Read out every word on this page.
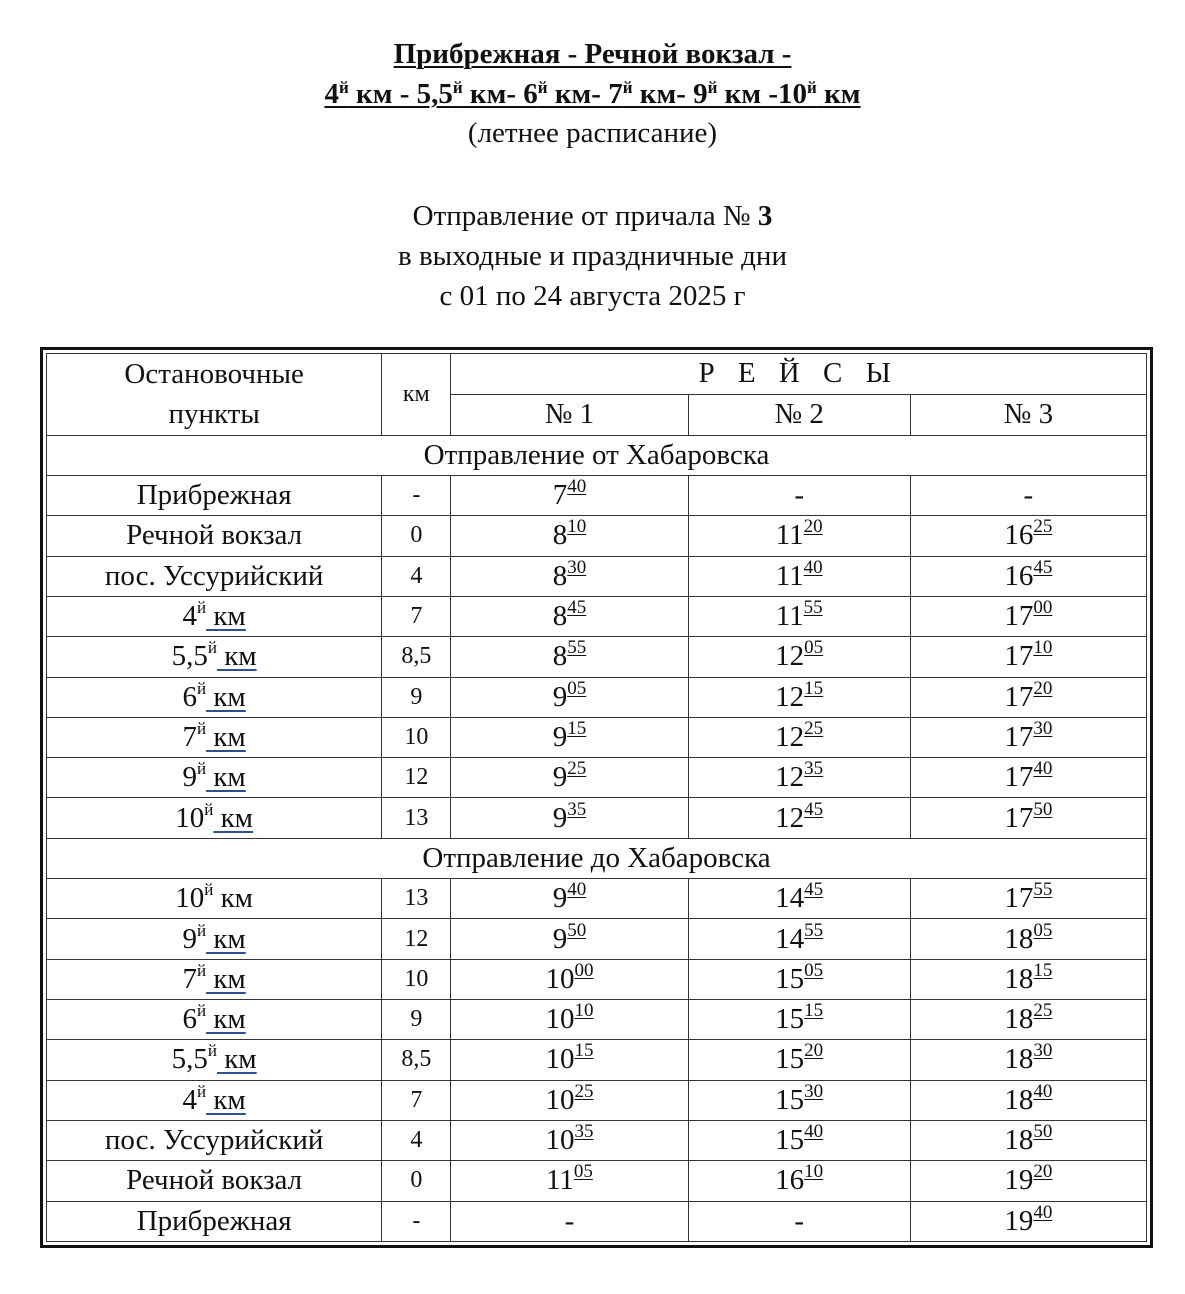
Прибрежная - Речной вокзал -
$4^й$ км - $5,5^й$ км- $6^й$ км- $7^й$ км- $9^й$ км $-10^й$ км
(летнее расписание)
Отправление от причала № 3
в выходные и праздничные дни
с 01 по 24 августа 2025 г
Остановочные пункты	км	Р Е Й С Ы		
		№ 1	№ 2	№ 3
Отправление от Хабаровска				
Прибрежная	-	$7^{40}$	-	-
Речной вокзал	0	$8^{10}$	$11^{20}$	$16^{25}$
пос. Уссурийский	4	$8^{30}$	$11^{40}$	$16^{45}$
$4^й$ км	7	$8^{45}$	$11^{55}$	$17^{00}$
$5,5^й$ км	8,5	$8^{55}$	$12^{05}$	$17^{10}$
$6^й$ км	9	$9^{05}$	$12^{15}$	$17^{20}$
$7^й$ км	10	$9^{15}$	$12^{25}$	$17^{30}$
$9^й$ км	12	$9^{25}$	$12^{35}$	$17^{40}$
$10^й$ км	13	$9^{35}$	$12^{45}$	$17^{50}$
Отправление до Хабаровска				
$10^й$ км	13	$9^{40}$	$14^{45}$	$17^{55}$
$9^й$ км	12	$9^{50}$	$14^{55}$	$18^{05}$
$7^й$ км	10	$10^{00}$	$15^{05}$	$18^{15}$
$6^й$ км	9	$10^{10}$	$15^{15}$	$18^{25}$
$5,5^й$ км	8,5	$10^{15}$	$15^{20}$	$18^{30}$
$4^й$ км	7	$10^{25}$	$15^{30}$	$18^{40}$
пос. Уссурийский	4	$10^{35}$	$15^{40}$	$18^{50}$
Речной вокзал	0	$11^{05}$	$16^{10}$	$19^{20}$
Прибрежная	-	-	-	$19^{40}$
